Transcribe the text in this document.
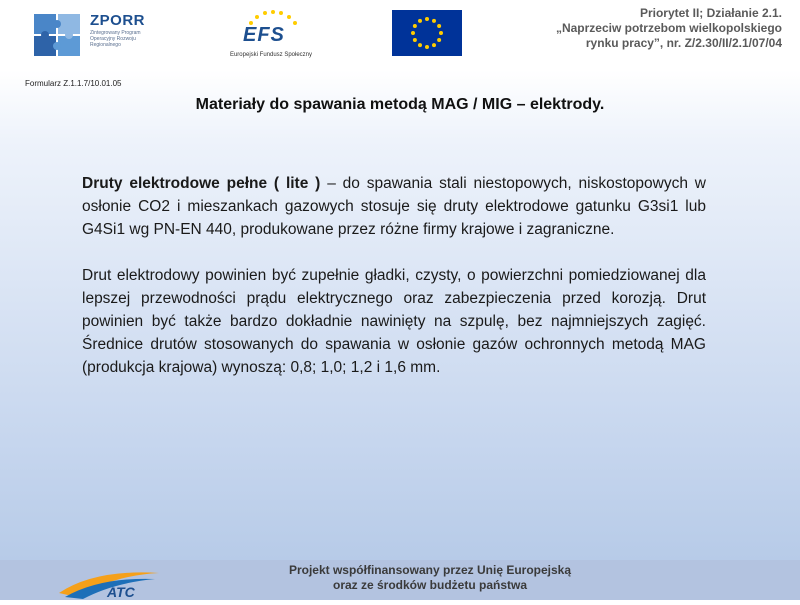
ZPORR
Zintegrowany Program Operacyjny Rozwoju Regionalnego	EFS
Europejski Fundusz Społeczny
Priorytet II; Działanie 2.1.
„Naprzeciw potrzebom wielkopolskiego
rynku pracy”, nr. Z/2.30/II/2.1/07/04
Formularz Z.1.1.7/10.01.05
Materiały do spawania metodą MAG / MIG – elektrody.

Druty elektrodowe pełne ( lite ) – do spawania stali niestopowych, niskostopowych w osłonie CO2 i mieszankach gazowych stosuje się druty elektrodowe gatunku G3si1 lub G4Si1 wg PN-EN 440, produkowane przez różne firmy krajowe i zagraniczne.

Drut elektrodowy powinien być zupełnie gładki, czysty, o powierzchni pomiedziowanej dla lepszej przewodności prądu elektrycznego oraz zabezpieczenia przed korozją. Drut powinien być także bardzo dokładnie nawinięty na szpulę, bez najmniejszych zagięć. Średnice drutów stosowanych do spawania w osłonie gazów ochronnych metodą MAG (produkcja krajowa) wynoszą: 0,8; 1,0; 1,2 i 1,6 mm.

ATC
Projekt współfinansowany przez Unię Europejską
oraz ze środków budżetu państwa
